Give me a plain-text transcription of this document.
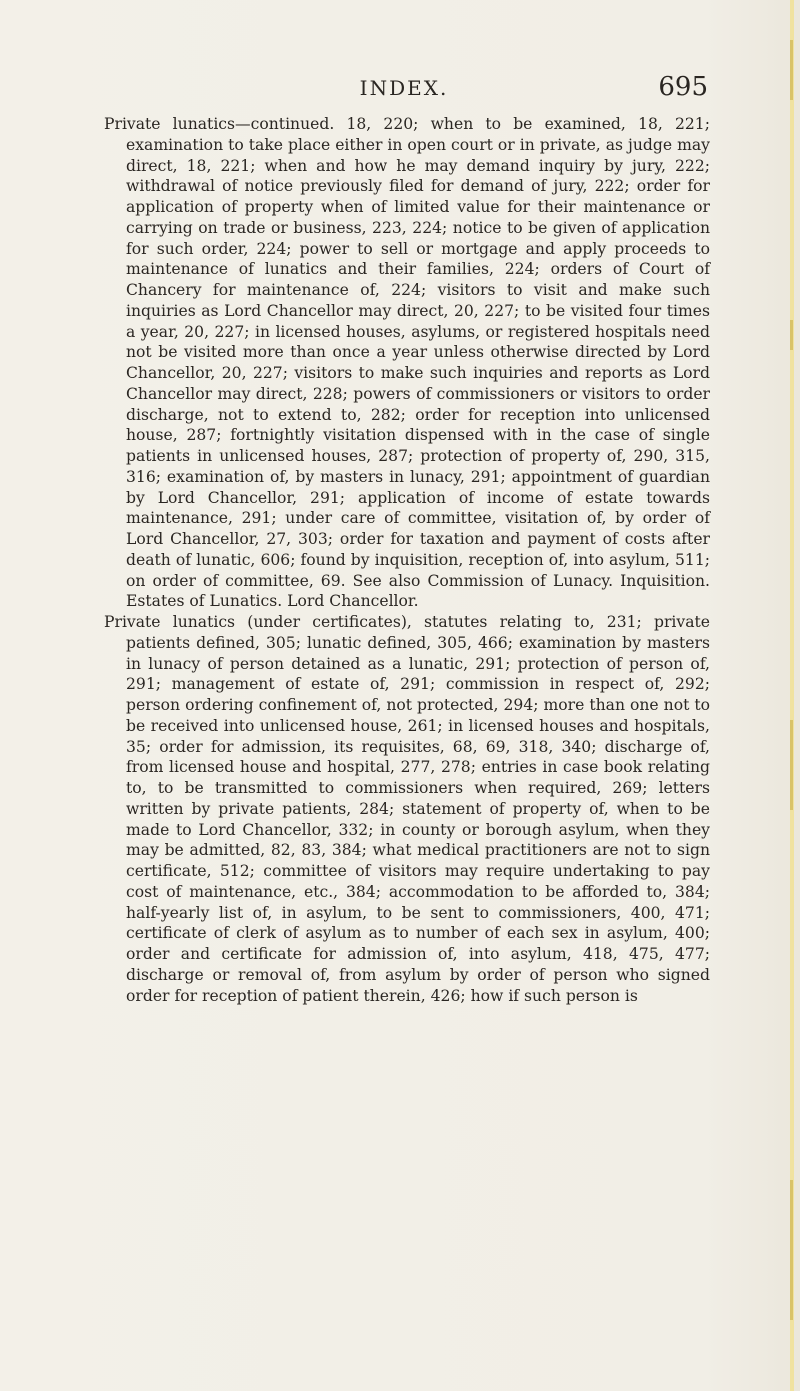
INDEX.	695

Private lunatics—continued. 18, 220; when to be examined, 18, 221; examination to take place either in open court or in private, as judge may direct, 18, 221; when and how he may demand inquiry by jury, 222; withdrawal of notice previously filed for demand of jury, 222; order for application of property when of limited value for their maintenance or carrying on trade or business, 223, 224; notice to be given of application for such order, 224; power to sell or mortgage and apply proceeds to maintenance of lunatics and their families, 224; orders of Court of Chancery for maintenance of, 224; visitors to visit and make such inquiries as Lord Chancellor may direct, 20, 227; to be visited four times a year, 20, 227; in licensed houses, asylums, or registered hospitals need not be visited more than once a year unless otherwise directed by Lord Chancellor, 20, 227; visitors to make such inquiries and reports as Lord Chancellor may direct, 228; powers of commissioners or visitors to order discharge, not to extend to, 282; order for reception into unlicensed house, 287; fortnightly visitation dispensed with in the case of single patients in unlicensed houses, 287; protection of property of, 290, 315, 316; examination of, by masters in lunacy, 291; appointment of guardian by Lord Chancellor, 291; application of income of estate towards maintenance, 291; under care of committee, visitation of, by order of Lord Chancellor, 27, 303; order for taxation and payment of costs after death of lunatic, 606; found by inquisition, reception of, into asylum, 511; on order of committee, 69. See also Commission of Lunacy. Inquisition. Estates of Lunatics. Lord Chancellor.

Private lunatics (under certificates), statutes relating to, 231; private patients defined, 305; lunatic defined, 305, 466; examination by masters in lunacy of person detained as a lunatic, 291; protection of person of, 291; management of estate of, 291; commission in respect of, 292; person ordering confinement of, not protected, 294; more than one not to be received into unlicensed house, 261; in licensed houses and hospitals, 35; order for admission, its requisites, 68, 69, 318, 340; discharge of, from licensed house and hospital, 277, 278; entries in case book relating to, to be transmitted to commissioners when required, 269; letters written by private patients, 284; statement of property of, when to be made to Lord Chancellor, 332; in county or borough asylum, when they may be admitted, 82, 83, 384; what medical practitioners are not to sign certificate, 512; committee of visitors may require undertaking to pay cost of maintenance, etc., 384; accommodation to be afforded to, 384; half-yearly list of, in asylum, to be sent to commissioners, 400, 471; certificate of clerk of asylum as to number of each sex in asylum, 400; order and certificate for admission of, into asylum, 418, 475, 477; discharge or removal of, from asylum by order of person who signed order for reception of patient therein, 426; how if such person is
